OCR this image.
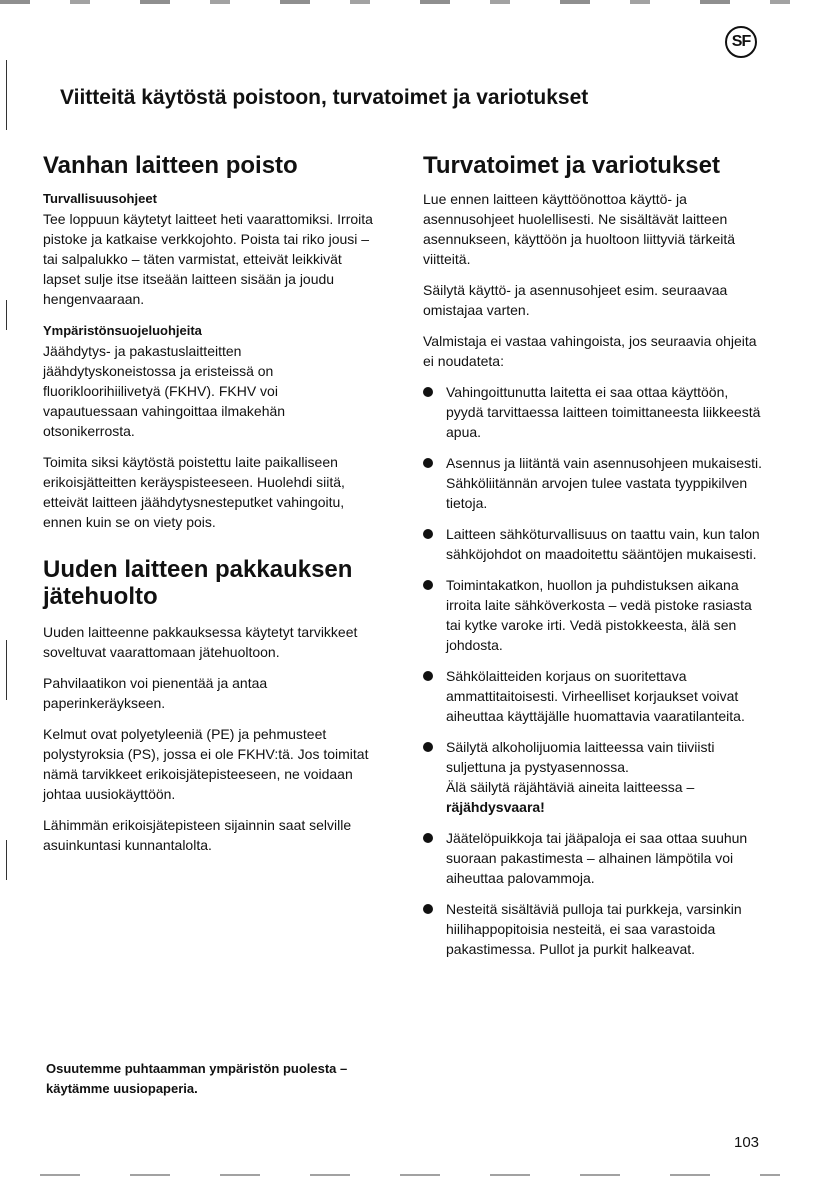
SF
Viitteitä käytöstä poistoon, turvatoimet ja variotukset
Vanhan laitteen poisto
Turvallisuusohjeet

Tee loppuun käytetyt laitteet heti vaarattomiksi. Irroita pistoke ja katkaise verkkojohto. Poista tai riko jousi – tai salpalukko – täten varmistat, etteivät leikkivät lapset sulje itse itseään laitteen sisään ja joudu hengenvaaraan.

Ympäristönsuojeluohjeita

Jäähdytys- ja pakastuslaitteitten jäähdytyskoneistossa ja eristeissä on fluorikloorihiilivetyä (FKHV). FKHV voi vapautuessaan vahingoittaa ilmakehän otsonikerrosta.

Toimita siksi käytöstä poistettu laite paikalliseen erikoisjätteitten keräyspisteeseen. Huolehdi siitä, etteivät laitteen jäähdytysnesteputket vahingoitu, ennen kuin se on viety pois.

Uuden laitteen pakkauksen jätehuolto

Uuden laitteenne pakkauksessa käytetyt tarvikkeet soveltuvat vaarattomaan jätehuoltoon.

Pahvilaatikon voi pienentää ja antaa paperinkeräykseen.

Kelmut ovat polyetyleeniä (PE) ja pehmusteet polystyroksia (PS), jossa ei ole FKHV:tä. Jos toimitat nämä tarvikkeet erikoisjätepisteeseen, ne voidaan johtaa uusiokäyttöön.

Lähimmän erikoisjätepisteen sijainnin saat selville asuinkuntasi kunnantalolta.

Turvatoimet ja variotukset

Lue ennen laitteen käyttöönottoa käyttö- ja asennusohjeet huolellisesti. Ne sisältävät laitteen asennukseen, käyttöön ja huoltoon liittyviä tärkeitä viitteitä.

Säilytä käyttö- ja asennusohjeet esim. seuraavaa omistajaa varten.

Valmistaja ei vastaa vahingoista, jos seuraavia ohjeita ei noudateta:

Vahingoittunutta laitetta ei saa ottaa käyttöön, pyydä tarvittaessa laitteen toimittaneesta liikkeestä apua.
Asennus ja liitäntä vain asennusohjeen mukaisesti. Sähköliitännän arvojen tulee vastata tyyppikilven tietoja.
Laitteen sähköturvallisuus on taattu vain, kun talon sähköjohdot on maadoitettu sääntöjen mukaisesti.
Toimintakatkon, huollon ja puhdistuksen aikana irroita laite sähköverkosta – vedä pistoke rasiasta tai kytke varoke irti. Vedä pistokkeesta, älä sen johdosta.
Sähkölaitteiden korjaus on suoritettava ammattitaitoisesti. Virheelliset korjaukset voivat aiheuttaa käyttäjälle huomattavia vaaratilanteita.
Säilytä alkoholijuomia laitteessa vain tiiviisti suljettuna ja pystyasennossa.
Älä säilytä räjähtäviä aineita laitteessa –
räjähdysvaara!
Jäätelöpuikkoja tai jääpaloja ei saa ottaa suuhun suoraan pakastimesta – alhainen lämpötila voi aiheuttaa palovammoja.
Nesteitä sisältäviä pulloja tai purkkeja, varsinkin hiilihappopitoisia nesteitä, ei saa varastoida pakastimessa. Pullot ja purkit halkeavat.

Osuutemme puhtaamman ympäristön puolesta – käytämme uusiopaperia.

103
